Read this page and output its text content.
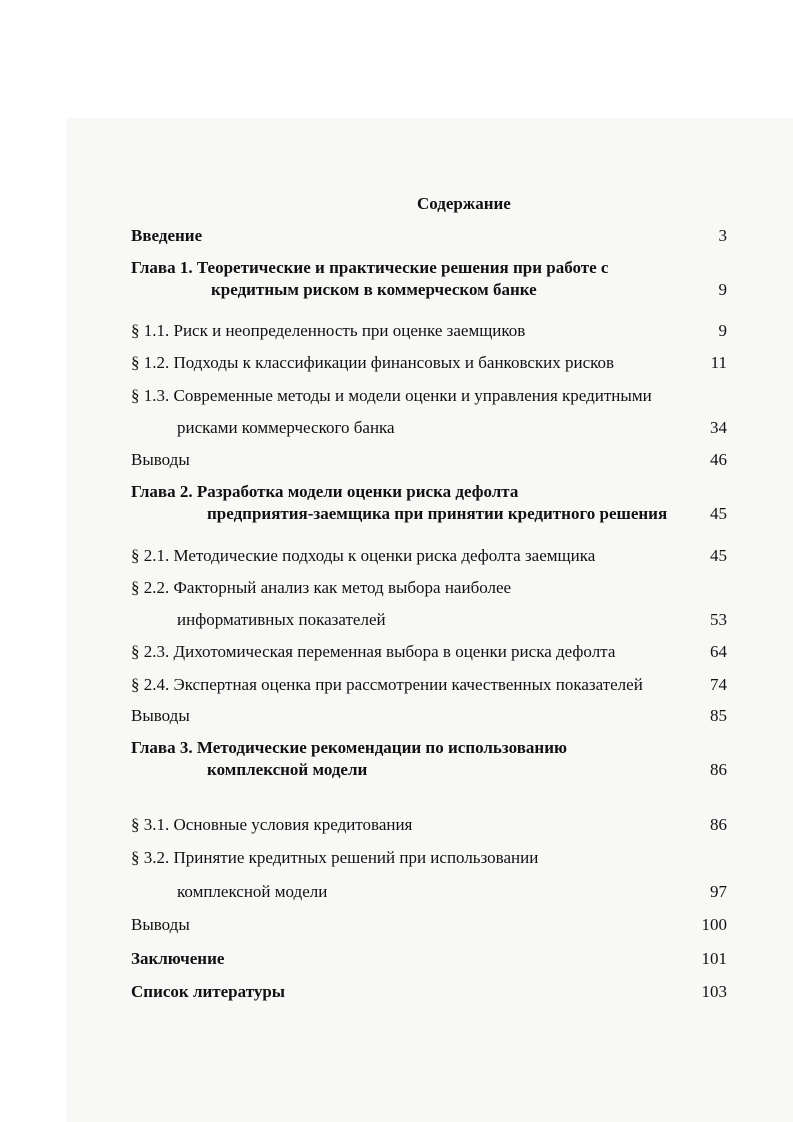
Содержание
Введение	3
Глава 1. Теоретические и практические решения при работе с
кредитным риском в коммерческом банке	9
§ 1.1. Риск и неопределенность при оценке заемщиков	9
§ 1.2. Подходы к классификации финансовых и банковских рисков	11
§ 1.3. Современные методы и модели оценки и управления кредитными
рисками коммерческого банка	34
Выводы	46
Глава 2. Разработка модели оценки риска дефолта
предприятия-заемщика при принятии кредитного решения	45
§ 2.1. Методические подходы к оценки риска дефолта заемщика	45
§ 2.2. Факторный анализ как метод выбора наиболее
информативных показателей	53
§ 2.3. Дихотомическая переменная выбора в оценки риска дефолта	64
§ 2.4. Экспертная оценка при рассмотрении качественных показателей	74
Выводы	85
Глава 3. Методические рекомендации по использованию
комплексной модели	86
§ 3.1. Основные условия кредитования	86
§ 3.2. Принятие кредитных решений при использовании
комплексной модели	97
Выводы	100
Заключение	101
Список литературы	103
